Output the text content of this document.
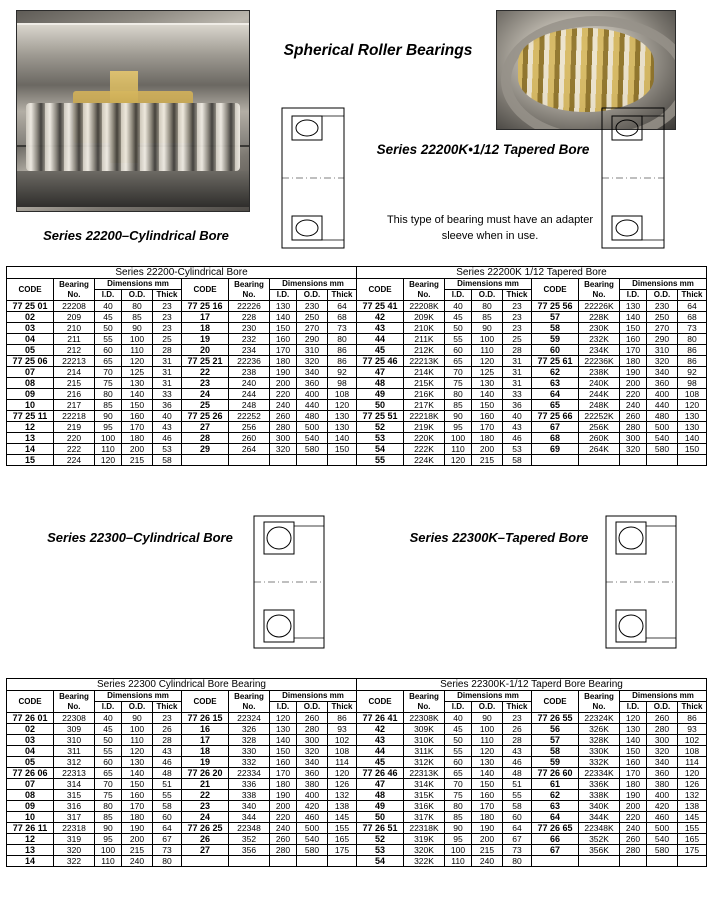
Spherical Roller Bearings
Series 22200–Cylindrical Bore
Series 22200K•1/12 Tapered Bore
This type of bearing must have an adapter sleeve when in use.
Series 22200-Cylindrical Bore									
CODE	
Bearing
No.
	Dimensions mm	CODE	
Bearing
No.
	Dimensions mm
		I.D.	O.D.	Thick			I.D.	O.D.	Thick
77 25 01	22208	40	80	23	77 25 16	22226	130	230	64
02	209	45	85	23	17	228	140	250	68
03	210	50	90	23	18	230	150	270	73
04	211	55	100	25	19	232	160	290	80
05	212	60	110	28	20	234	170	310	86
77 25 06	22213	65	120	31	77 25 21	22236	180	320	86
07	214	70	125	31	22	238	190	340	92
08	215	75	130	31	23	240	200	360	98
09	216	80	140	33	24	244	220	400	108
10	217	85	150	36	25	248	240	440	120
77 25 11	22218	90	160	40	77 25 26	22252	260	480	130
12	219	95	170	43	27	256	280	500	130
13	220	100	180	46	28	260	300	540	140
14	222	110	200	53	29	264	320	580	150
15	224	120	215	58					
Series 22200K 1/12 Tapered Bore									
CODE	
Bearing
No.
	Dimensions mm	CODE	
Bearing
No.
	Dimensions mm
		I.D.	O.D.	Thick			I.D.	O.D.	Thick
77 25 41	22208K	40	80	23	77 25 56	22226K	130	230	64
42	209K	45	85	23	57	228K	140	250	68
43	210K	50	90	23	58	230K	150	270	73
44	211K	55	100	25	59	232K	160	290	80
45	212K	60	110	28	60	234K	170	310	86
77 25 46	22213K	65	120	31	77 25 61	22236K	180	320	86
47	214K	70	125	31	62	238K	190	340	92
48	215K	75	130	31	63	240K	200	360	98
49	216K	80	140	33	64	244K	220	400	108
50	217K	85	150	36	65	248K	240	440	120
77 25 51	22218K	90	160	40	77 25 66	22252K	260	480	130
52	219K	95	170	43	67	256K	280	500	130
53	220K	100	180	46	68	260K	300	540	140
54	222K	110	200	53	69	264K	320	580	150
55	224K	120	215	58					
Series 22300–Cylindrical Bore	Series 22300K–Tapered Bore
Series 22300 Cylindrical Bore Bearing									
CODE	
Bearing
No.
	Dimensions mm	CODE	
Bearing
No.
	Dimensions mm
		I.D.	O.D.	Thick			I.D.	O.D.	Thick
77 26 01	22308	40	90	23	77 26 15	22324	120	260	86
02	309	45	100	26	16	326	130	280	93
03	310	50	110	28	17	328	140	300	102
04	311	55	120	43	18	330	150	320	108
05	312	60	130	46	19	332	160	340	114
77 26 06	22313	65	140	48	77 26 20	22334	170	360	120
07	314	70	150	51	21	336	180	380	126
08	315	75	160	55	22	338	190	400	132
09	316	80	170	58	23	340	200	420	138
10	317	85	180	60	24	344	220	460	145
77 26 11	22318	90	190	64	77 26 25	22348	240	500	155
12	319	95	200	67	26	352	260	540	165
13	320	100	215	73	27	356	280	580	175
14	322	110	240	80					
Series 22300K-1/12 Taperd Bore Bearing									
CODE	
Bearing
No.
	Dimensions mm	CODE	
Bearing
No.
	Dimensions mm
		I.D.	O.D.	Thick			I.D.	O.D.	Thick
77 26 41	22308K	40	90	23	77 26 55	22324K	120	260	86
42	309K	45	100	26	56	326K	130	280	93
43	310K	50	110	28	57	328K	140	300	102
44	311K	55	120	43	58	330K	150	320	108
45	312K	60	130	46	59	332K	160	340	114
77 26 46	22313K	65	140	48	77 26 60	22334K	170	360	120
47	314K	70	150	51	61	336K	180	380	126
48	315K	75	160	55	62	338K	190	400	132
49	316K	80	170	58	63	340K	200	420	138
50	317K	85	180	60	64	344K	220	460	145
77 26 51	22318K	90	190	64	77 26 65	22348K	240	500	155
52	319K	95	200	67	66	352K	260	540	165
53	320K	100	215	73	67	356K	280	580	175
54	322K	110	240	80					
